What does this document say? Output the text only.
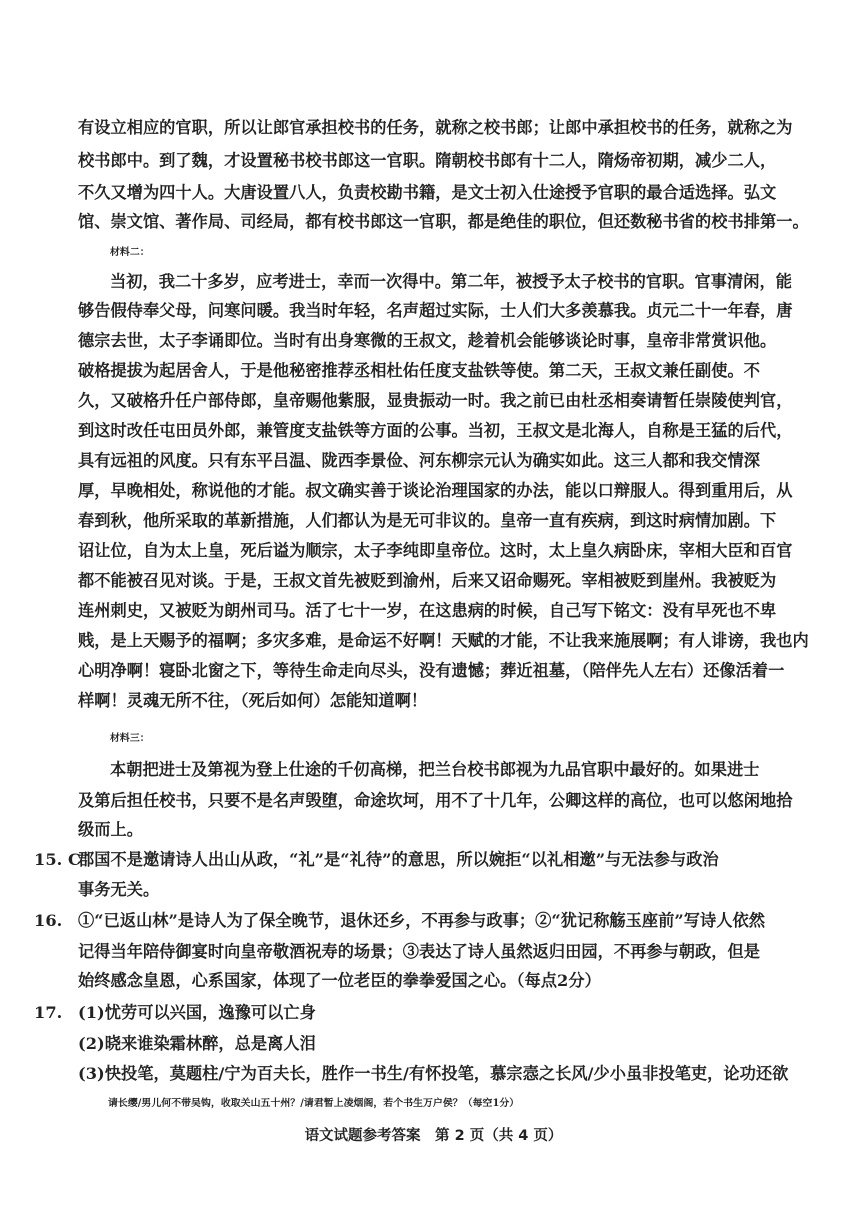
有设立相应的官职，所以让郎官承担校书的任务，就称之校书郎；让郎中承担校书的任务，就称之为
校书郎中。到了魏，才设置秘书校书郎这一官职。隋朝校书郎有十二人，隋炀帝初期，减少二人，
不久又增为四十人。大唐设置八人，负责校勘书籍，是文士初入仕途授予官职的最合适选择。弘文
馆、崇文馆、著作局、司经局，都有校书郎这一官职，都是绝佳的职位，但还数秘书省的校书排第一。
材料二：
当初，我二十多岁，应考进士，幸而一次得中。第二年，被授予太子校书的官职。官事清闲，能
够告假侍奉父母，问寒问暖。我当时年轻，名声超过实际，士人们大多羡慕我。贞元二十一年春，唐
德宗去世，太子李诵即位。当时有出身寒微的王叔文，趁着机会能够谈论时事，皇帝非常赏识他。
破格提拔为起居舍人，于是他秘密推荐丞相杜佑任度支盐铁等使。第二天，王叔文兼任副使。不
久，又破格升任户部侍郎，皇帝赐他紫服，显贵振动一时。我之前已由杜丞相奏请暂任崇陵使判官，
到这时改任屯田员外郎，兼管度支盐铁等方面的公事。当初，王叔文是北海人，自称是王猛的后代，
具有远祖的风度。只有东平吕温、陇西李景俭、河东柳宗元认为确实如此。这三人都和我交情深
厚，早晚相处，称说他的才能。叔文确实善于谈论治理国家的办法，能以口辩服人。得到重用后，从
春到秋，他所采取的革新措施，人们都认为是无可非议的。皇帝一直有疾病，到这时病情加剧。下
诏让位，自为太上皇，死后谥为顺宗，太子李纯即皇帝位。这时，太上皇久病卧床，宰相大臣和百官
都不能被召见对谈。于是，王叔文首先被贬到渝州，后来又诏命赐死。宰相被贬到崖州。我被贬为
连州刺史，又被贬为朗州司马。活了七十一岁，在这患病的时候，自己写下铭文：没有早死也不卑
贱，是上天赐予的福啊；多灾多难，是命运不好啊！天赋的才能，不让我来施展啊；有人诽谤，我也内
心明净啊！寝卧北窗之下，等待生命走向尽头，没有遗憾；葬近祖墓，（陪伴先人左右）还像活着一
样啊！灵魂无所不往，（死后如何）怎能知道啊！
材料三：
本朝把进士及第视为登上仕途的千仞高梯，把兰台校书郎视为九品官职中最好的。如果进士
及第后担任校书，只要不是名声毁堕，命途坎坷，用不了十几年，公卿这样的高位，也可以悠闲地拾
级而上。
15. C
郡国不是邀请诗人出山从政，“礼”是“礼待”的意思，所以婉拒“以礼相邀”与无法参与政治
事务无关。
16. ①“已返山林”是诗人为了保全晚节，退休还乡，不再参与政事；②“犹记称觞玉座前”写诗人依然
记得当年陪侍御宴时向皇帝敬酒祝寿的场景；③表达了诗人虽然返归田园，不再参与朝政，但是
始终感念皇恩，心系国家，体现了一位老臣的拳拳爱国之心。（每点2分）
17. (1)忧劳可以兴国，逸豫可以亡身
(2)晓来谁染霜林醉，总是离人泪
(3)快投笔，莫题柱/宁为百夫长，胜作一书生/有怀投笔，慕宗悫之长风/少小虽非投笔吏，论功还欲
请长缨/男儿何不带吴钩，收取关山五十州？/请君暂上凌烟阁，若个书生万户侯？（每空1分）
语文试题参考答案　第 2 页（共 4 页）
